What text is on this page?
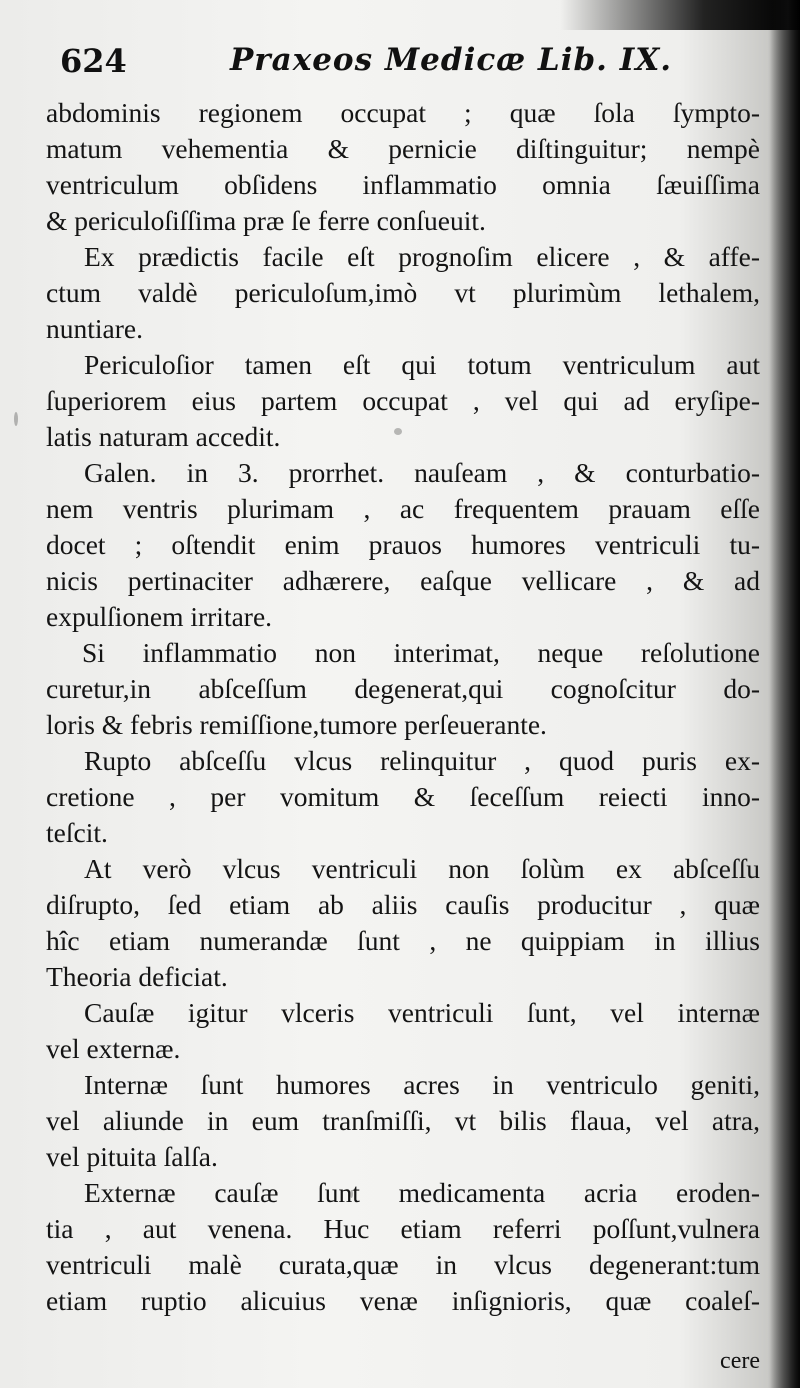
624	Praxeos Medicæ Lib. IX.
abdominis regionem occupat ; quæ ſola ſympto-
matum vehementia & pernicie diſtinguitur; nempè
ventriculum obſidens inflammatio omnia ſæuiſſima
& periculoſiſſima præ ſe ferre conſueuit.
Ex prædictis facile eſt prognoſim elicere , & affe-
ctum valdè periculoſum,imò vt plurimùm lethalem,
nuntiare.
Periculoſior tamen eſt qui totum ventriculum aut
ſuperiorem eius partem occupat , vel qui ad eryſipe-
latis naturam accedit.
Galen. in 3. prorrhet. nauſeam , & conturbatio-
nem ventris plurimam , ac frequentem prauam eſſe
docet ; oſtendit enim prauos humores ventriculi tu-
nicis pertinaciter adhærere, eaſque vellicare , & ad
expulſionem irritare.
Si inflammatio non interimat, neque reſolutione
curetur,in abſceſſum degenerat,qui cognoſcitur do-
loris & febris remiſſione,tumore perſeuerante.
Rupto abſceſſu vlcus relinquitur , quod puris ex-
cretione , per vomitum & ſeceſſum reiecti inno-
teſcit.
At verò vlcus ventriculi non ſolùm ex abſceſſu
diſrupto, ſed etiam ab aliis cauſis producitur , quæ
hîc etiam numerandæ ſunt , ne quippiam in illius
Theoria deficiat.
Cauſæ igitur vlceris ventriculi ſunt, vel internæ
vel externæ.
Internæ ſunt humores acres in ventriculo geniti,
vel aliunde in eum tranſmiſſi, vt bilis flaua, vel atra,
vel pituita ſalſa.
Externæ cauſæ ſunt medicamenta acria eroden-
tia , aut venena. Huc etiam referri poſſunt,vulnera
ventriculi malè curata,quæ in vlcus degenerant:tum
etiam ruptio alicuius venæ inſignioris, quæ coaleſ-
cere
